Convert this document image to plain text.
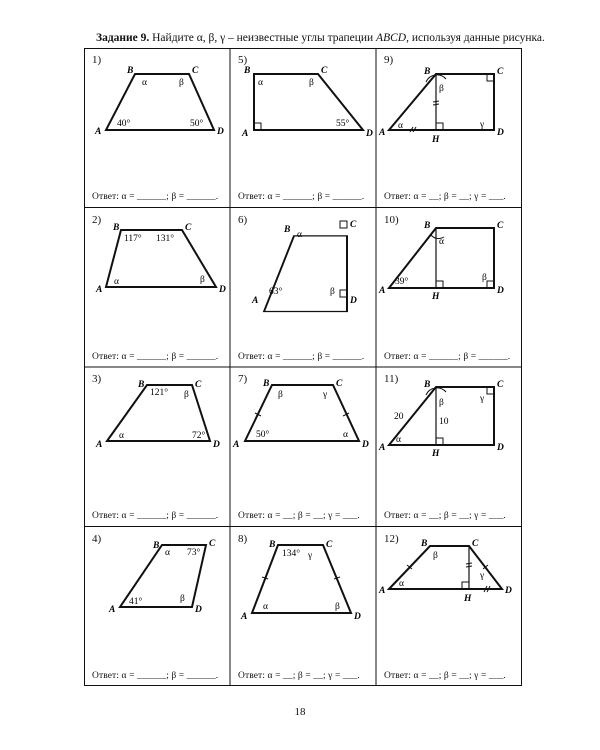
Задание 9. Найдите α, β, γ – неизвестные углы трапеции ABCD, используя данные рисунка.
1)
B	C
A	D
α	β
40°	50°
Ответ: α = ______; β = ______.
5)
B	C
A	D
α	β
55°
Ответ: α = ______; β = ______.
9)
B	C
A	D
H
β
α	γ
Ответ: α = __; β = __; γ = ___.
2)
B	C
A	D
117° 131°
α	β
Ответ: α = ______; β = ______.
6)
B	C
A	D
α
63°	β
Ответ: α = ______; β = ______.
10)	B	C
A	D
H
α
39°	β
Ответ: α = ______; β = ______.
3)	B	C
A	D
121° β
α	72°
Ответ: α = ______; β = ______.
7) B	C
A	D
β	γ
50°	α
Ответ: α = __; β = __; γ = ___.
11)	B	C
A	D
H
β	γ
α
20	10
Ответ: α = __; β = __; γ = ___.
4)
B	C
A	D
α 73°
41°	β
Ответ: α = ______; β = ______.
8) B	C
A	D
134° γ
α	β
Ответ: α = __; β = __; γ = ___.
12) B	C
A	D
H
β
α
γ
Ответ: α = __; β = __; γ = ___.
18
